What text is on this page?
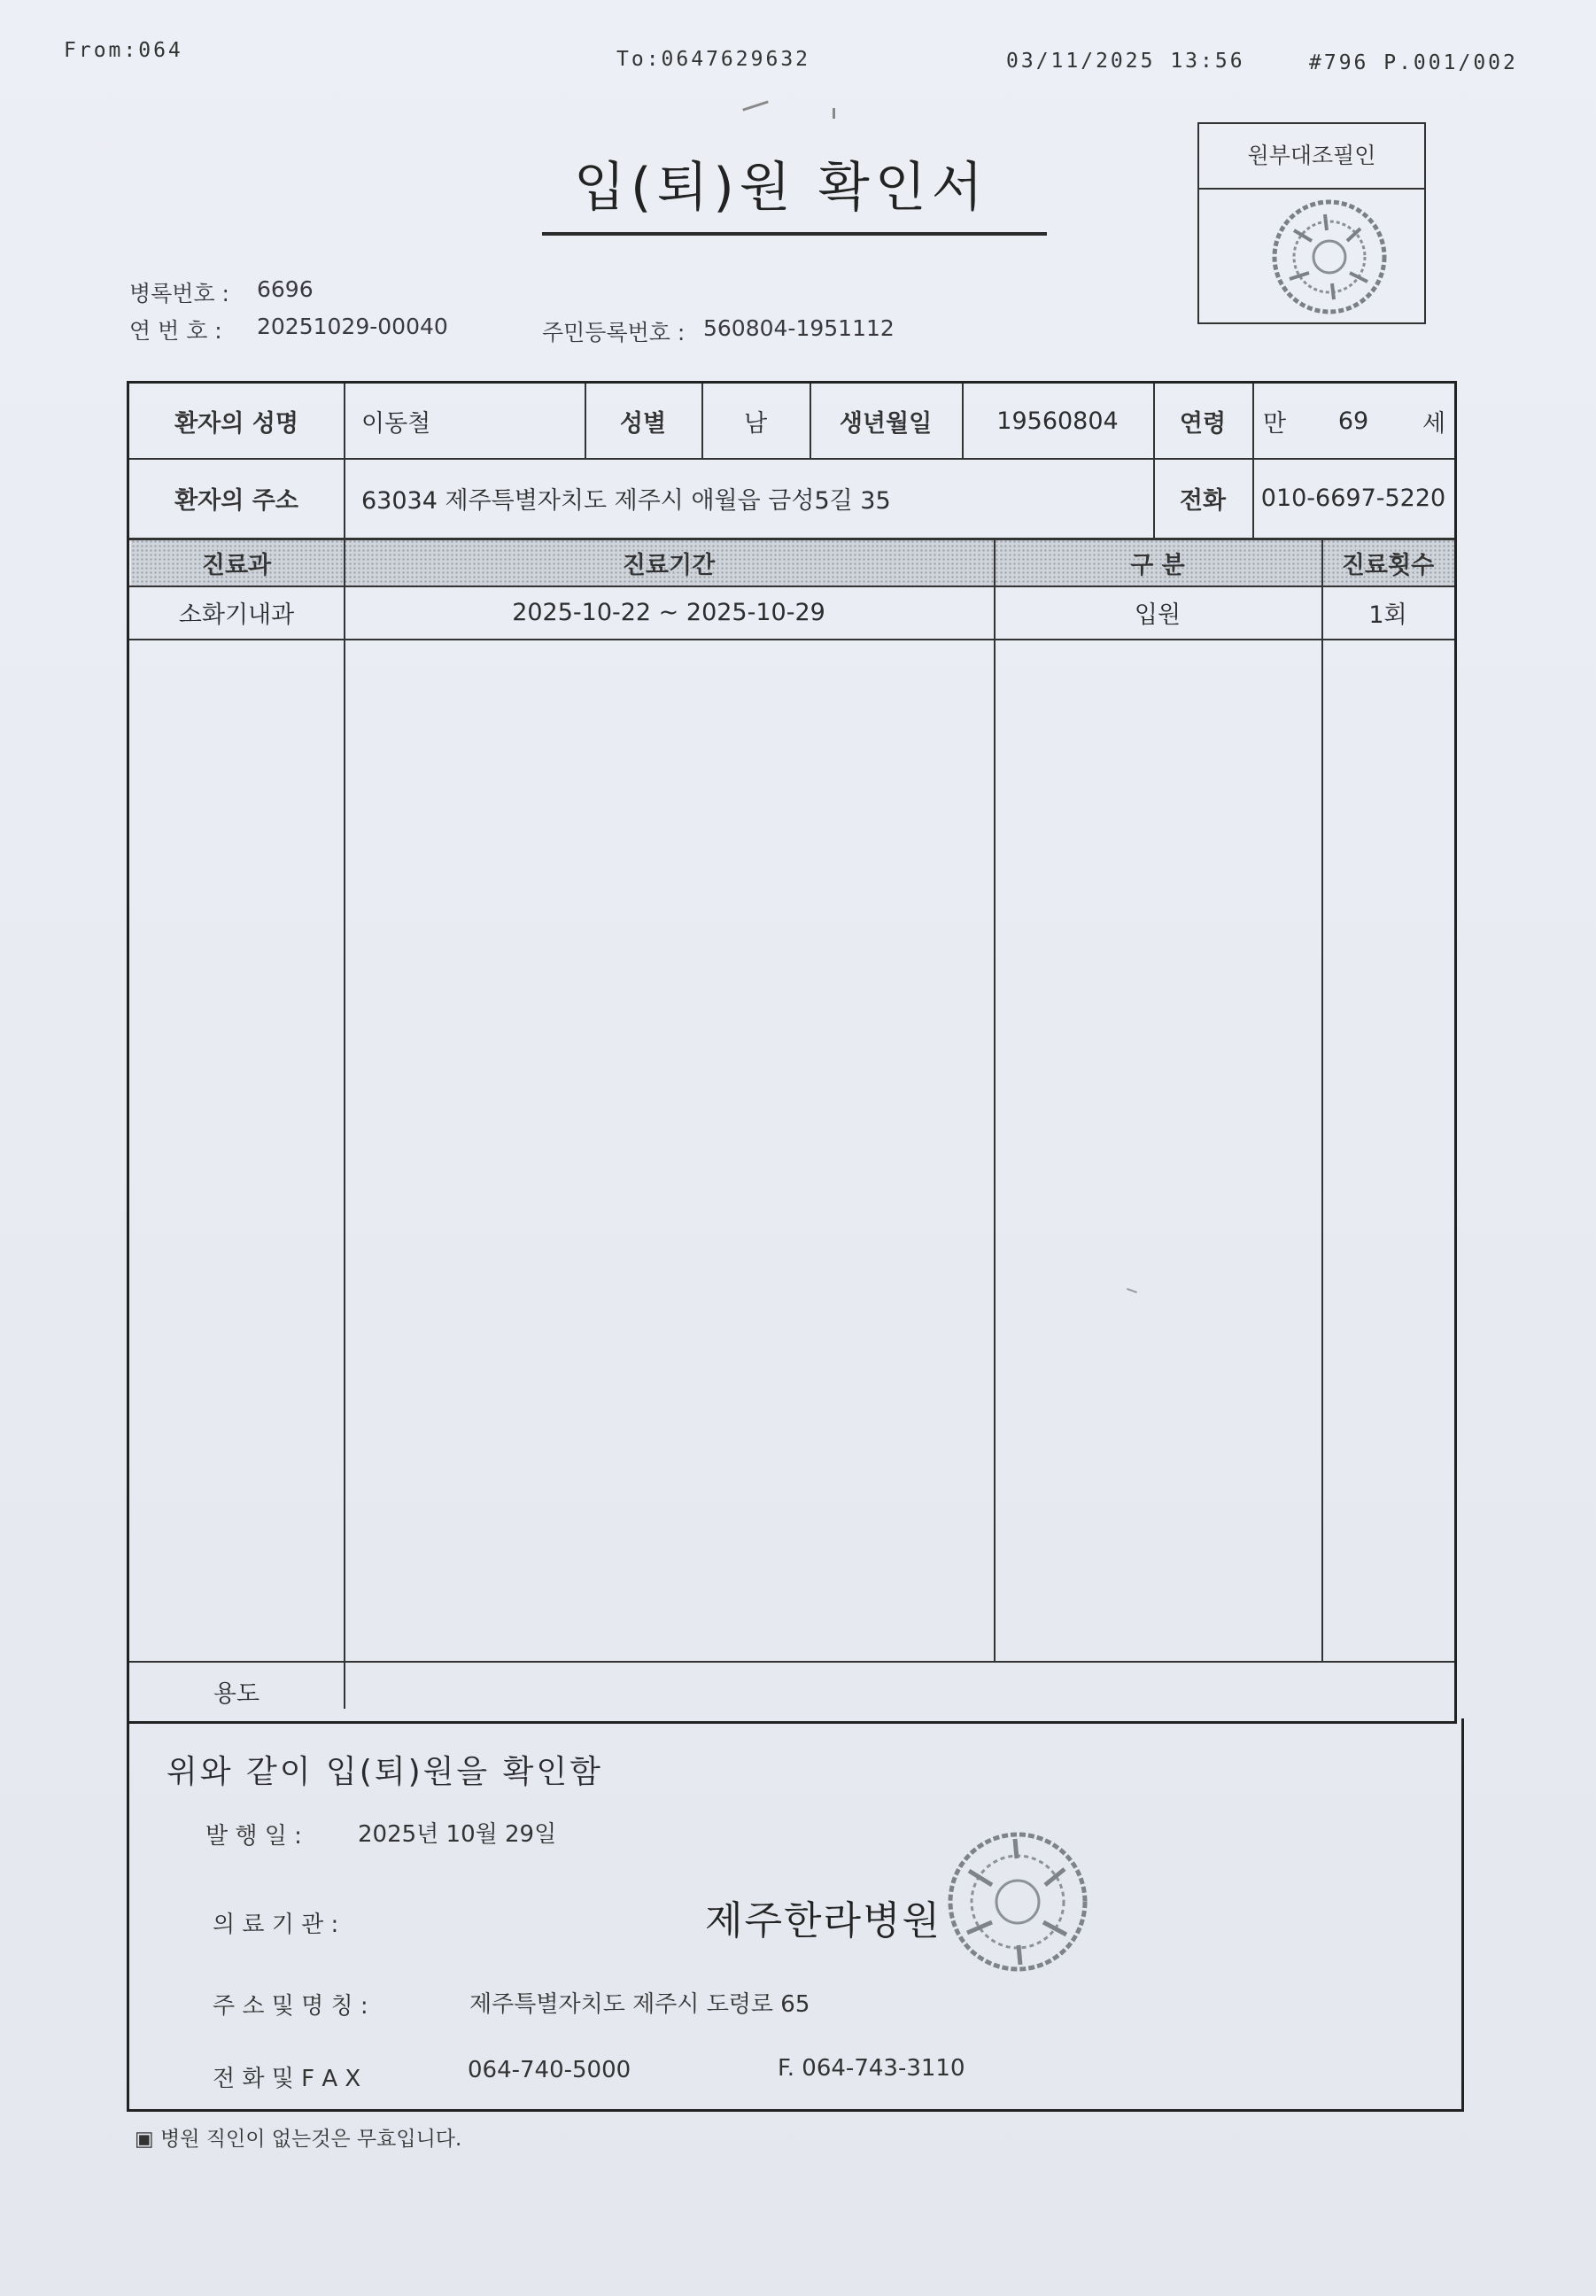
From:064	To:0647629632	03/11/2025 13:56	#796 P.001/002
입(퇴)원 확인서
원부대조필인
병록번호 : 6696
연 번 호 : 20251029-00040	주민등록번호 : 560804-1951112
환자의 성명	이동철	성별	남	생년월일	19560804	연령	만	69	세
환자의 주소	63034 제주특별자치도 제주시 애월읍 금성5길 35	전화	010-6697-5220
진료과	진료기간	구 분	진료횟수
소화기내과	2025-10-22 ~ 2025-10-29	입원	1회
용도
위와 같이 입(퇴)원을 확인함
발 행 일 : 2025년 10월 29일
의 료 기 관 :	제주한라병원
주 소 및 명 칭 :	제주특별자치도 제주시 도령로 65
전 화 및 F A X	064-740-5000	F. 064-743-3110
▣ 병원 직인이 없는것은 무효입니다.
